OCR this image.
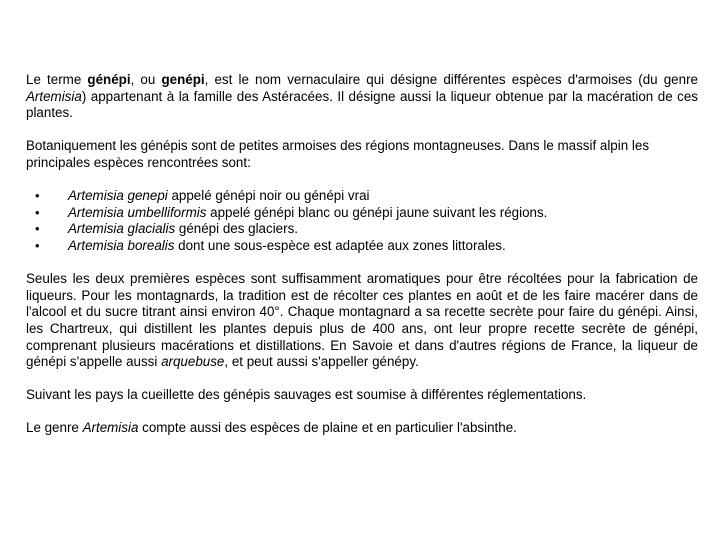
Le terme génépi, ou genépi, est le nom vernaculaire qui désigne différentes espèces d'armoises (du genre Artemisia) appartenant à la famille des Astéracées. Il désigne aussi la liqueur obtenue par la macération de ces plantes.

Botaniquement les génépis sont de petites armoises des régions montagneuses. Dans le massif alpin les principales espèces rencontrées sont:

• Artemisia genepi appelé génépi noir ou génépi vrai
• Artemisia umbelliformis appelé génépi blanc ou génépi jaune suivant les régions.
• Artemisia glacialis génépi des glaciers.
• Artemisia borealis dont une sous-espèce est adaptée aux zones littorales.

Seules les deux premières espèces sont suffisamment aromatiques pour être récoltées pour la fabrication de liqueurs. Pour les montagnards, la tradition est de récolter ces plantes en août et de les faire macérer dans de l'alcool et du sucre titrant ainsi environ 40°. Chaque montagnard a sa recette secrète pour faire du génépi. Ainsi, les Chartreux, qui distillent les plantes depuis plus de 400 ans, ont leur propre recette secrète de génépi, comprenant plusieurs macérations et distillations. En Savoie et dans d'autres régions de France, la liqueur de génépi s'appelle aussi arquebuse, et peut aussi s'appeller génépy.

Suivant les pays la cueillette des génépis sauvages est soumise à différentes réglementations.

Le genre Artemisia compte aussi des espèces de plaine et en particulier l'absinthe.
